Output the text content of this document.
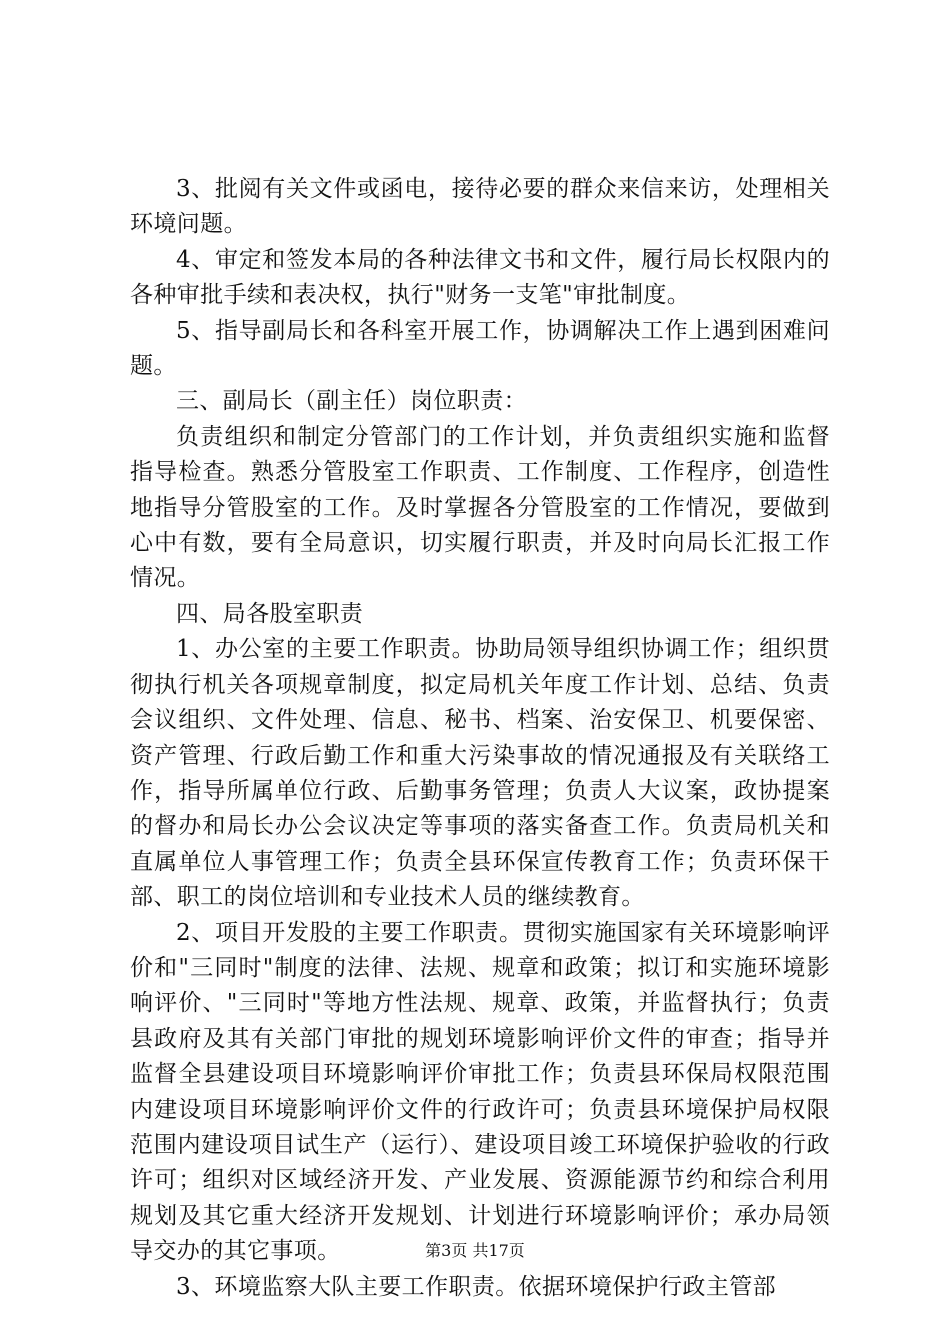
3、批阅有关文件或函电，接待必要的群众来信来访，处理相关环境问题。

4、审定和签发本局的各种法律文书和文件，履行局长权限内的各种审批手续和表决权，执行"财务一支笔"审批制度。

5、指导副局长和各科室开展工作，协调解决工作上遇到困难问题。

三、副局长（副主任）岗位职责：

负责组织和制定分管部门的工作计划，并负责组织实施和监督指导检查。熟悉分管股室工作职责、工作制度、工作程序，创造性地指导分管股室的工作。及时掌握各分管股室的工作情况，要做到心中有数，要有全局意识，切实履行职责，并及时向局长汇报工作情况。

四、局各股室职责

1、办公室的主要工作职责。协助局领导组织协调工作；组织贯彻执行机关各项规章制度，拟定局机关年度工作计划、总结、负责会议组织、文件处理、信息、秘书、档案、治安保卫、机要保密、资产管理、行政后勤工作和重大污染事故的情况通报及有关联络工作，指导所属单位行政、后勤事务管理；负责人大议案，政协提案的督办和局长办公会议决定等事项的落实备查工作。负责局机关和直属单位人事管理工作；负责全县环保宣传教育工作；负责环保干部、职工的岗位培训和专业技术人员的继续教育。

2、项目开发股的主要工作职责。贯彻实施国家有关环境影响评价和"三同时"制度的法律、法规、规章和政策；拟订和实施环境影响评价、"三同时"等地方性法规、规章、政策，并监督执行；负责县政府及其有关部门审批的规划环境影响评价文件的审查；指导并监督全县建设项目环境影响评价审批工作；负责县环保局权限范围内建设项目环境影响评价文件的行政许可；负责县环境保护局权限范围内建设项目试生产（运行）、建设项目竣工环境保护验收的行政许可；组织对区域经济开发、产业发展、资源能源节约和综合利用规划及其它重大经济开发规划、计划进行环境影响评价；承办局领导交办的其它事项。

3、环境监察大队主要工作职责。依据环境保护行政主管部

第3页 共17页
